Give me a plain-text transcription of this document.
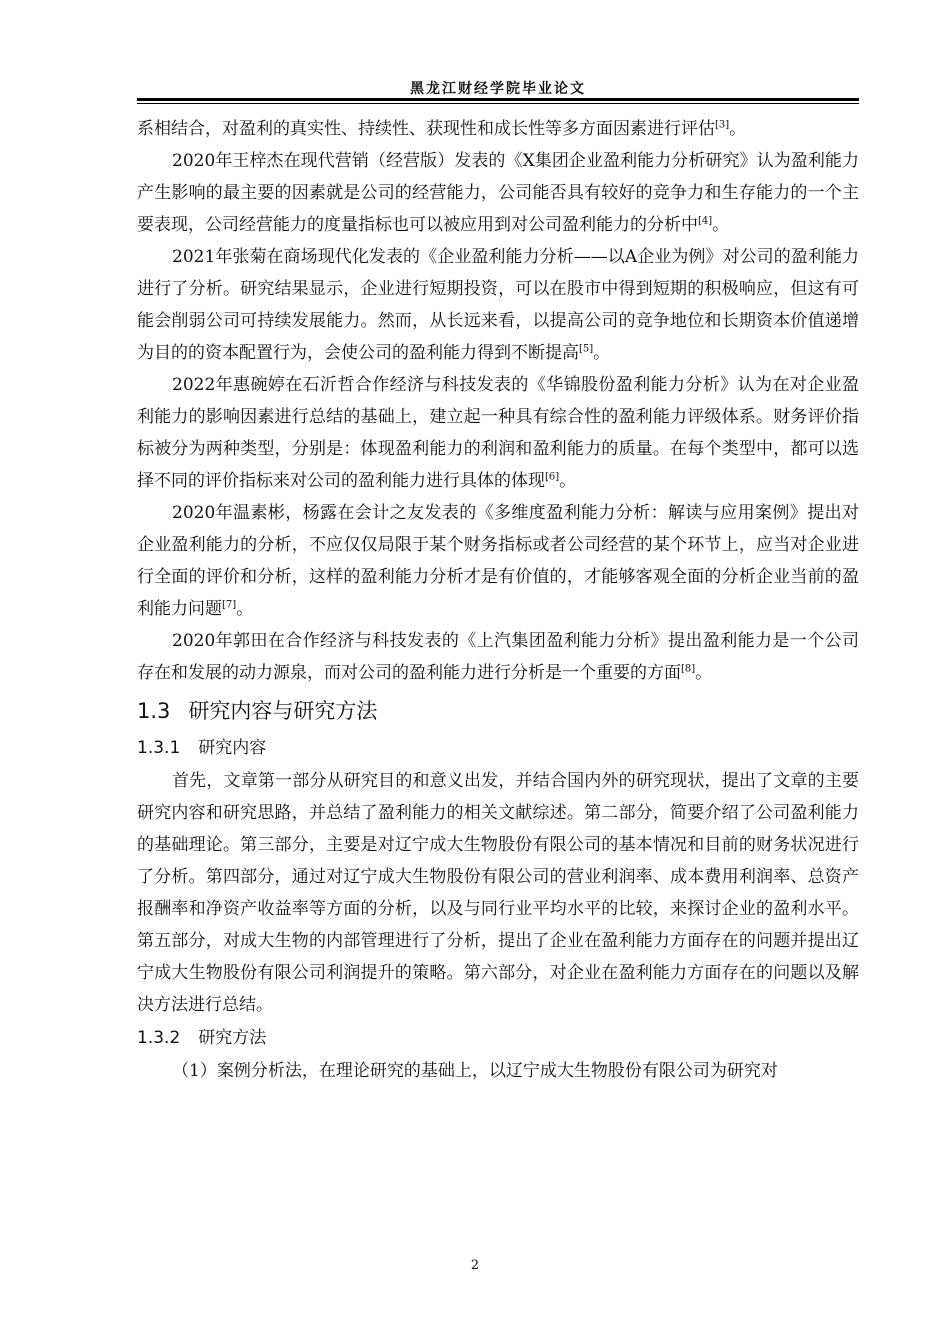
黑龙江财经学院毕业论文

系相结合，对盈利的真实性、持续性、获现性和成长性等多方面因素进行评估[3]。

2020年王梓杰在现代营销（经营版）发表的《X集团企业盈利能力分析研究》认为盈利能力产生影响的最主要的因素就是公司的经营能力，公司能否具有较好的竞争力和生存能力的一个主要表现，公司经营能力的度量指标也可以被应用到对公司盈利能力的分析中[4]。

2021年张菊在商场现代化发表的《企业盈利能力分析——以A企业为例》对公司的盈利能力进行了分析。研究结果显示，企业进行短期投资，可以在股市中得到短期的积极响应，但这有可能会削弱公司可持续发展能力。然而，从长远来看，以提高公司的竞争地位和长期资本价值递增为目的的资本配置行为，会使公司的盈利能力得到不断提高[5]。

2022年惠碗婷在石沂哲合作经济与科技发表的《华锦股份盈利能力分析》认为在对企业盈利能力的影响因素进行总结的基础上，建立起一种具有综合性的盈利能力评级体系。财务评价指标被分为两种类型，分别是：体现盈利能力的利润和盈利能力的质量。在每个类型中，都可以选择不同的评价指标来对公司的盈利能力进行具体的体现[6]。

2020年温素彬，杨露在会计之友发表的《多维度盈利能力分析：解读与应用案例》提出对企业盈利能力的分析，不应仅仅局限于某个财务指标或者公司经营的某个环节上，应当对企业进行全面的评价和分析，这样的盈利能力分析才是有价值的，才能够客观全面的分析企业当前的盈利能力问题[7]。

2020年郭田在合作经济与科技发表的《上汽集团盈利能力分析》提出盈利能力是一个公司存在和发展的动力源泉，而对公司的盈利能力进行分析是一个重要的方面[8]。

1.3 研究内容与研究方法
1.3.1 研究内容

首先，文章第一部分从研究目的和意义出发，并结合国内外的研究现状，提出了文章的主要研究内容和研究思路，并总结了盈利能力的相关文献综述。第二部分，简要介绍了公司盈利能力的基础理论。第三部分，主要是对辽宁成大生物股份有限公司的基本情况和目前的财务状况进行了分析。第四部分，通过对辽宁成大生物股份有限公司的营业利润率、成本费用利润率、总资产报酬率和净资产收益率等方面的分析，以及与同行业平均水平的比较，来探讨企业的盈利水平。第五部分，对成大生物的内部管理进行了分析，提出了企业在盈利能力方面存在的问题并提出辽宁成大生物股份有限公司利润提升的策略。第六部分，对企业在盈利能力方面存在的问题以及解决方法进行总结。

1.3.2 研究方法

（1）案例分析法，在理论研究的基础上，以辽宁成大生物股份有限公司为研究对

2
